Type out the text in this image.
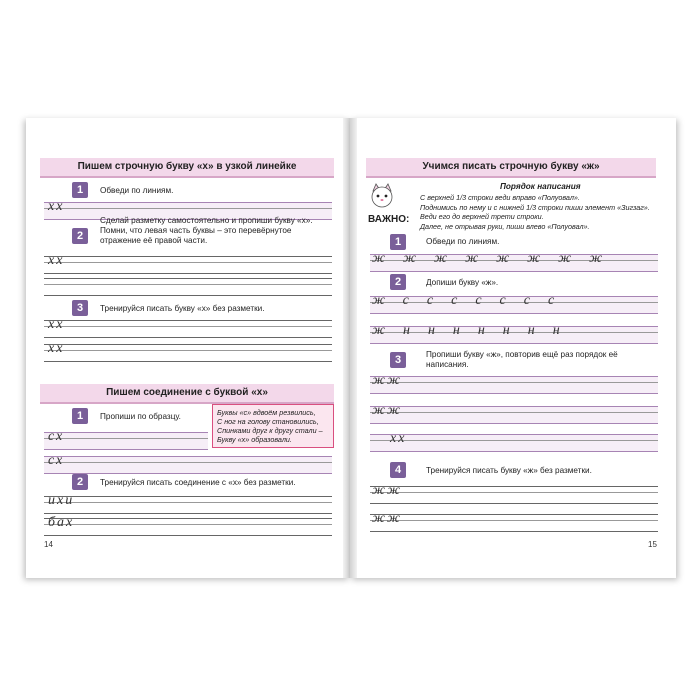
Пишем строчную букву «х» в узкой линейке
1	Обведи по линиям.
хх
2
Сделай разметку самостоятельно и пропиши букву «х». Помни, что левая часть буквы – это перевёрнутое отражение её правой части.
хх
3	Тренируйся писать букву «х» без разметки.
хх
хх
Пишем соединение с буквой «х»
1	Пропиши по образцу.	Буквы «с» вдвоём резвились,
С ног на голову становились,
Спинками друг к другу стали –
Букву «х» образовали.
сх
сх
2	Тренируйся писать соединение с «х» без разметки.
ихи
бах
14
Учимся писать строчную букву «ж»
ВАЖНО:
Порядок написания
С верхней 1/3 строки веди вправо «Полуовал».
Поднимись по нему и с нижней 1/3 строки пиши элемент «Зигзаг». Веди его до верхней трети строки.
Далее, не отрывая руки, пиши влево «Полуовал».
1	Обведи по линиям.
жжжжжжжж
2	Допиши букву «ж».
жссссссс
жннннннн
3	Пропиши букву «ж», повторив ещё раз порядок её написания.
жж
жж
хх
4	Тренируйся писать букву «ж» без разметки.
жж
жж
15
